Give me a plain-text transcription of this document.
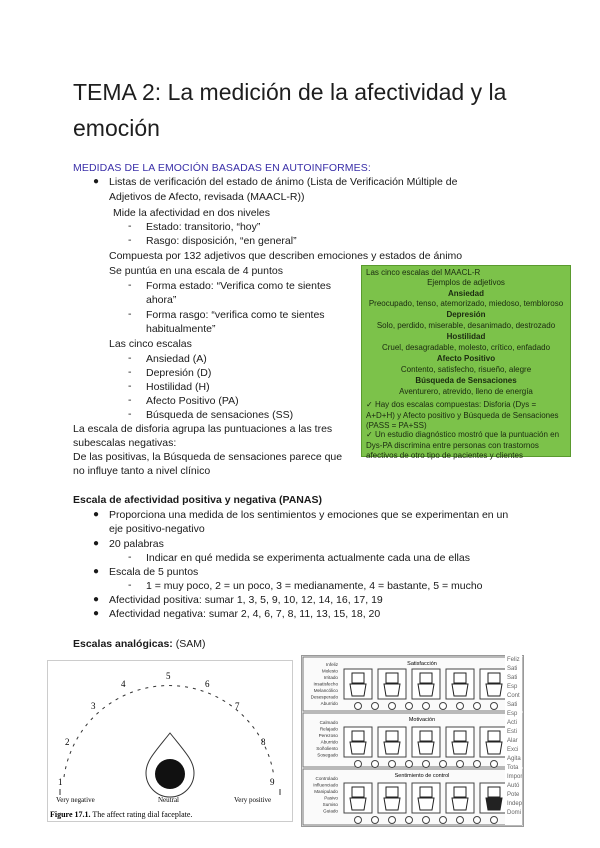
TEMA 2: La medición de la afectividad y la emoción
MEDIDAS DE LA EMOCIÓN BASADAS EN AUTOINFORMES:
● Listas de verificación del estado de ánimo (Lista de Verificación Múltiple de
Adjetivos de Afecto, revisada (MAACL-R))
Mide la afectividad en dos niveles
- Estado: transitorio, “hoy”
- Rasgo: disposición, “en general”
Compuesta por 132 adjetivos que describen emociones y estados de ánimo
Se puntúa en una escala de 4 puntos
- Forma estado: “Verifica como te sientes
ahora”
- Forma rasgo: “verifica como te sientes
habitualmente”
Las cinco escalas
- Ansiedad (A)
- Depresión (D)
- Hostilidad (H)
- Afecto Positivo (PA)
- Búsqueda de sensaciones (SS)
La escala de disforia agrupa las puntuaciones a las tres
subescalas negativas:
De las positivas, la Búsqueda de sensaciones parece que
no influye tanto a nivel clínico
Las cinco escalas del MAACL-R
Ejemplos de adjetivos
Ansiedad
Preocupado, tenso, atemorizado, miedoso, tembloroso
Depresión
Solo, perdido, miserable, desanimado, destrozado
Hostilidad
Cruel, desagradable, molesto, crítico, enfadado
Afecto Positivo
Contento, satisfecho, risueño, alegre
Búsqueda de Sensaciones
Aventurero, atrevido, lleno de energía
✓ Hay dos escalas compuestas: Disforia (Dys = A+D+H) y Afecto positivo y Búsqueda de Sensaciones (PASS = PA+SS)
✓ Un estudio diagnóstico mostró que la puntuación en Dys-PA discrimina entre personas con trastornos afectivos de otro tipo de pacientes y clientes
Escala de afectividad positiva y negativa (PANAS)
● Proporciona una medida de los sentimientos y emociones que se experimentan en un
eje positivo-negativo
● 20 palabras
- Indicar en qué medida se experimenta actualmente cada una de ellas
● Escala de 5 puntos
- 1 = muy poco, 2 = un poco, 3 = medianamente, 4 = bastante, 5 = mucho
● Afectividad positiva: sumar 1, 3, 5, 9, 10, 12, 14, 16, 17, 19
● Afectividad negativa: sumar 2, 4, 6, 7, 8, 11, 13, 15, 18, 20
Escalas analógicas: (SAM)
1
2
3
4
5
6
7
8
9
Very negative	Neutral	Very positive
Figure 17.1. The affect rating dial faceplate.
Satisfacción
Motivación
Sentimiento de control
Infeliz
Molesto
Irritado
Insatisfecho
Melancólico
Desesperado
Aburrido
Calmado
Relajado
Perezoso
Aburrido
Soñoliento
Sosegado
Controlado
Influenciado
Manipulado
Pasivo
Sumiso
Guiado
Feliz
Sati
Sati
Esp
Cont
Sati
Esp
Acti
Esti
Alar
Exci
Agita
Tota
Impor
Autó
Pote
Indep
Domi
